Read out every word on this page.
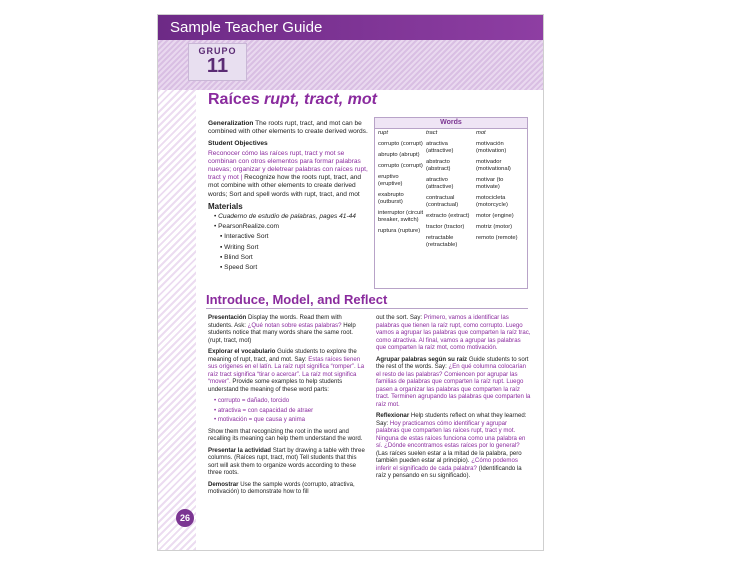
Sample Teacher Guide
GRUPO
11
Raíces rupt, tract, mot

Generalization The roots rupt, tract, and mot can be combined with other elements to create derived words.

Student Objectives

Reconocer cómo las raíces rupt, tract y mot se combinan con otros elementos para formar palabras nuevas; organizar y deletrear palabras con raíces rupt, tract y mot | Recognize how the roots rupt, tract, and mot combine with other elements to create derived words; Sort and spell words with rupt, tract, and mot

Materials
• Cuaderno de estudio de palabras, pages 41-44
• PearsonRealize.com
▪ Interactive Sort
▪ Writing Sort
▪ Blind Sort
▪ Speed Sort
Words
rupt
corrupto (corrupt)
abrupto (abrupt)
corrupto (corrupt)
eruptivo (eruptive)
exabrupto (outburst)
interruptor (circuit breaker, switch)
ruptura (rupture)
tract
atractiva (attractive)
abstracto (abstract)
atractivo (attractive)
contractual (contractual)
extracto (extract)
tractor (tractor)
retractable (retractable)
mot
motivación (motivation)
motivador (motivational)
motivar (to motivate)
motocicleta (motorcycle)
motor (engine)
motriz (motor)
remoto (remote)
Introduce, Model, and Reflect

Presentación Display the words. Read them with students. Ask: ¿Qué notan sobre estas palabras? Help students notice that many words share the same root. (rupt, tract, mot)

Explorar el vocabulario Guide students to explore the meaning of rupt, tract, and mot. Say: Estas raíces tienen sus orígenes en el latín. La raíz rupt significa “romper”. La raíz tract significa “tirar o acercar”. La raíz mot significa “mover”. Provide some examples to help students understand the meaning of these word parts:

• corrupto = dañado, torcido
• atractiva = con capacidad de atraer
• motivación = que causa y anima

Show them that recognizing the root in the word and recalling its meaning can help them understand the word.

Presentar la actividad Start by drawing a table with three columns. (Raíces rupt, tract, mot) Tell students that this sort will ask them to organize words according to these three roots.

Demostrar Use the sample words (corrupto, atractiva, motivación) to demonstrate how to fill

out the sort. Say: Primero, vamos a identificar las palabras que tienen la raíz rupt, como corrupto. Luego vamos a agrupar las palabras que comparten la raíz trac, como atractiva. Al final, vamos a agrupar las palabras que comparten la raíz mot, como motivación.

Agrupar palabras según su raíz Guide students to sort the rest of the words. Say: ¿En qué columna colocarían el resto de las palabras? Comiencen por agrupar las familias de palabras que comparten la raíz rupt. Luego pasen a organizar las palabras que comparten la raíz tract. Terminen agrupando las palabras que comparten la raíz mot.

Reflexionar Help students reflect on what they learned: Say: Hoy practicamos cómo identificar y agrupar palabras que comparten las raíces rupt, tract y mot. Ninguna de estas raíces funciona como una palabra en sí. ¿Dónde encontramos estas raíces por lo general? (Las raíces suelen estar a la mitad de la palabra, pero también pueden estar al principio). ¿Cómo podemos inferir el significado de cada palabra? (Identificando la raíz y pensando en su significado).

26
